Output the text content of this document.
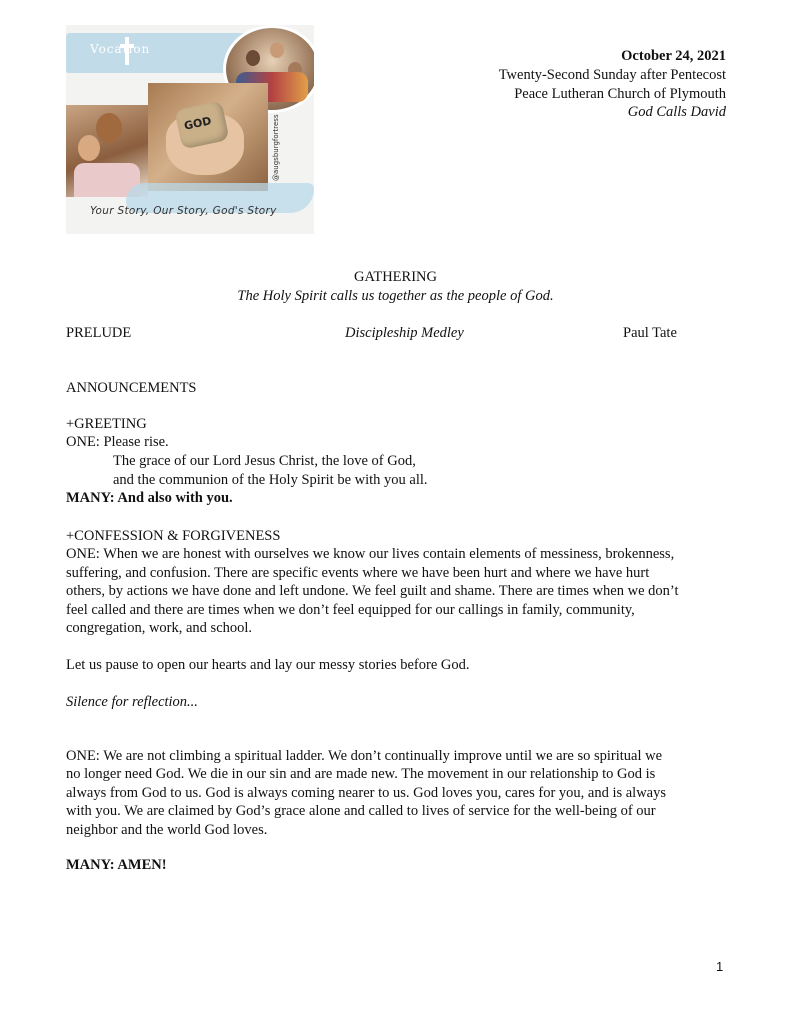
Vocation
GOD	@augsburgfortress
Your Story, Our Story, God's Story
October 24, 2021
Twenty-Second Sunday after Pentecost
Peace Lutheran Church of Plymouth
God Calls David
GATHERING
The Holy Spirit calls us together as the people of God.
PRELUDE	Discipleship Medley	Paul Tate
ANNOUNCEMENTS
+GREETING
ONE: Please rise.
The grace of our Lord Jesus Christ, the love of God,
and the communion of the Holy Spirit be with you all.
MANY: And also with you.
+CONFESSION & FORGIVENESS
ONE: When we are honest with ourselves we know our lives contain elements of messiness, brokenness,
suffering, and confusion. There are specific events where we have been hurt and where we have hurt
others, by actions we have done and left undone. We feel guilt and shame. There are times when we don’t
feel called and there are times when we don’t feel equipped for our callings in family, community,
congregation, work, and school.
Let us pause to open our hearts and lay our messy stories before God.
Silence for reflection...
ONE: We are not climbing a spiritual ladder. We don’t continually improve until we are so spiritual we
no longer need God. We die in our sin and are made new. The movement in our relationship to God is
always from God to us. God is always coming nearer to us. God loves you, cares for you, and is always
with you. We are claimed by God’s grace alone and called to lives of service for the well-being of our
neighbor and the world God loves.
MANY: AMEN!
1
